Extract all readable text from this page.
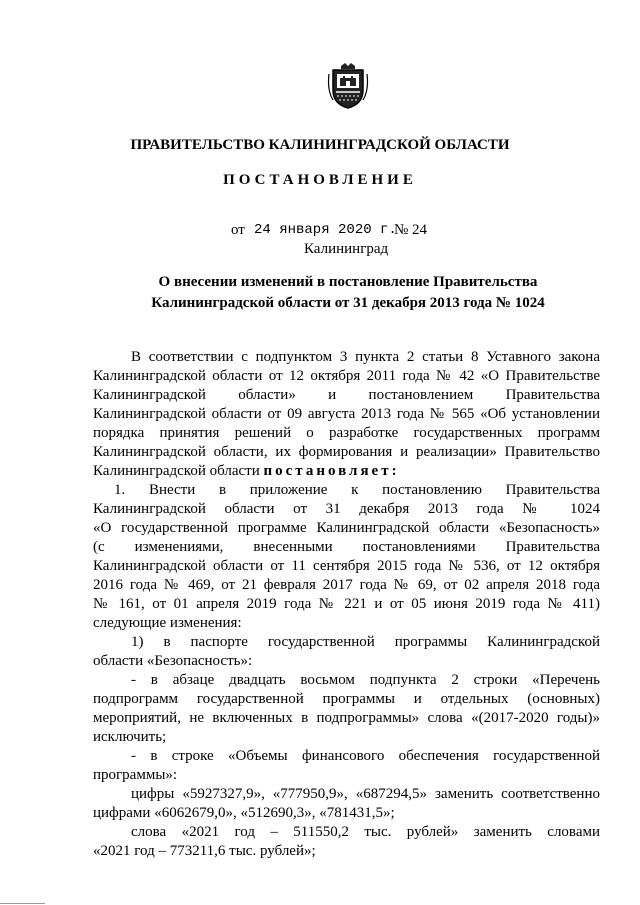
ПРАВИТЕЛЬСТВО КАЛИНИНГРАДСКОЙ ОБЛАСТИ
ПОСТАНОВЛЕНИЕ
от 24 января 2020 г.
№ 24
Калининград
О внесении изменений в постановление Правительства
Калининградской области от 31 декабря 2013 года № 1024
В соответствии с подпунктом 3 пункта 2 статьи 8 Уставного закона
Калининградской области от 12 октября 2011 года № 42 «О Правительстве
Калининградской области» и постановлением Правительства
Калининградской области от 09 августа 2013 года № 565 «Об установлении
порядка принятия решений о разработке государственных программ
Калининградской области, их формирования и реализации» Правительство
Калининградской области постановляет:
1. Внести в приложение к постановлению Правительства
Калининградской области от 31 декабря 2013 года № 1024
«О государственной программе Калининградской области «Безопасность»
(с изменениями, внесенными постановлениями Правительства
Калининградской области от 11 сентября 2015 года № 536, от 12 октября
2016 года № 469, от 21 февраля 2017 года № 69, от 02 апреля 2018 года
№ 161, от 01 апреля 2019 года № 221 и от 05 июня 2019 года № 411)
следующие изменения:
1) в паспорте государственной программы Калининградской
области «Безопасность»:
- в абзаце двадцать восьмом подпункта 2 строки «Перечень
подпрограмм государственной программы и отдельных (основных)
мероприятий, не включенных в подпрограммы» слова «(2017-2020 годы)»
исключить;
- в строке «Объемы финансового обеспечения государственной
программы»:
цифры «5927327,9», «777950,9», «687294,5» заменить соответственно
цифрами «6062679,0», «512690,3», «781431,5»;
слова «2021 год – 511550,2 тыс. рублей» заменить словами
«2021 год – 773211,6 тыс. рублей»;
